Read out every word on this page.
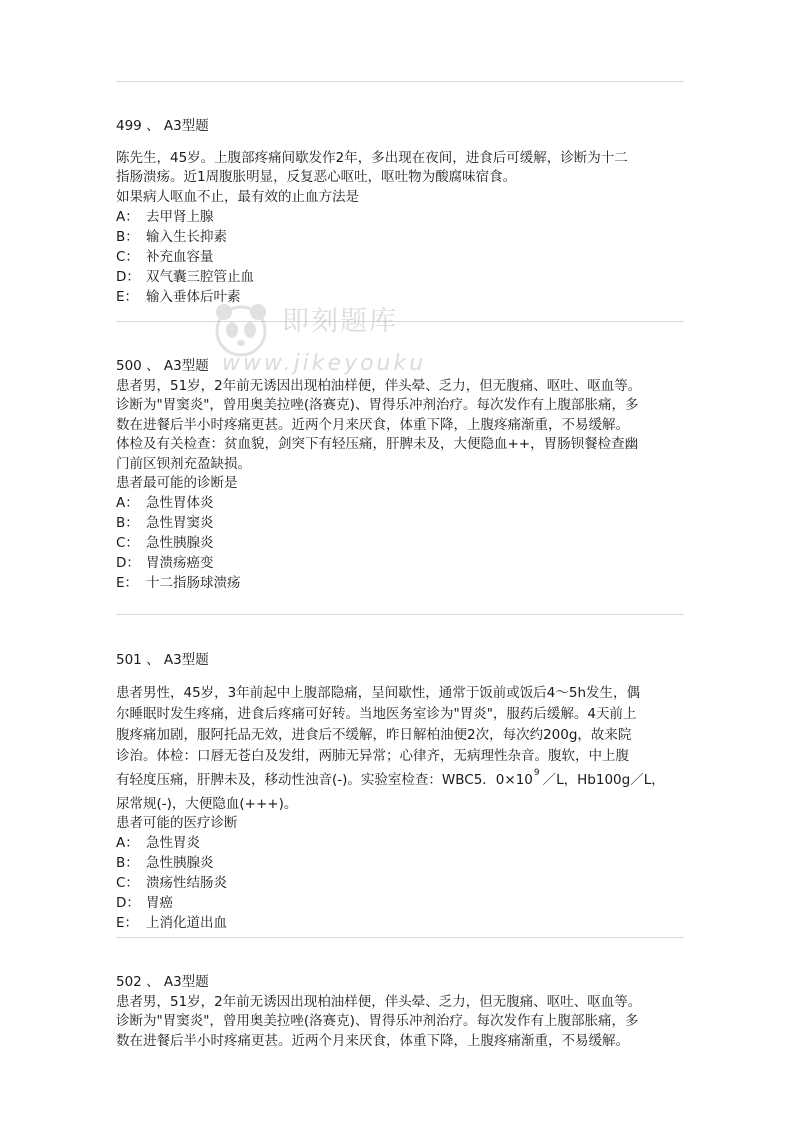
499 、 A3型题

陈先生，45岁。上腹部疼痛间歇发作2年，多出现在夜间，进食后可缓解，诊断为十二

指肠溃疡。近1周腹胀明显，反复恶心呕吐，呕吐物为酸腐味宿食。

如果病人呕血不止，最有效的止血方法是

A： 去甲肾上腺

B： 输入生长抑素

C： 补充血容量

D： 双气囊三腔管止血

E： 输入垂体后叶素

500 、 A3型题

患者男，51岁，2年前无诱因出现柏油样便，伴头晕、乏力，但无腹痛、呕吐、呕血等。

诊断为"胃窦炎"，曾用奥美拉唑(洛赛克)、胃得乐冲剂治疗。每次发作有上腹部胀痛，多

数在进餐后半小时疼痛更甚。近两个月来厌食，体重下降，上腹疼痛渐重，不易缓解。

体检及有关检查：贫血貌，剑突下有轻压痛，肝脾未及，大便隐血++，胃肠钡餐检查幽

门前区钡剂充盈缺损。

患者最可能的诊断是

A： 急性胃体炎

B： 急性胃窦炎

C： 急性胰腺炎

D： 胃溃疡癌变

E： 十二指肠球溃疡

501 、 A3型题

患者男性，45岁，3年前起中上腹部隐痛，呈间歇性，通常于饭前或饭后4～5h发生，偶

尔睡眠时发生疼痛，进食后疼痛可好转。当地医务室诊为"胃炎"，服药后缓解。4天前上

腹疼痛加剧，服阿托品无效，进食后不缓解，昨日解柏油便2次，每次约200g，故来院

诊治。体检：口唇无苍白及发绀，两肺无异常；心律齐，无病理性杂音。腹软，中上腹

有轻度压痛，肝脾未及，移动性浊音(-)。实验室检查：WBC5．$0\times 10^9$ ／L，Hb100g／L，

尿常规(-)，大便隐血(+++)。

患者可能的医疗诊断

A： 急性胃炎

B： 急性胰腺炎

C： 溃疡性结肠炎

D： 胃癌

E： 上消化道出血

502 、 A3型题

患者男，51岁，2年前无诱因出现柏油样便，伴头晕、乏力，但无腹痛、呕吐、呕血等。

诊断为"胃窦炎"，曾用奥美拉唑(洛赛克)、胃得乐冲剂治疗。每次发作有上腹部胀痛，多

数在进餐后半小时疼痛更甚。近两个月来厌食，体重下降，上腹疼痛渐重，不易缓解。

即刻题库
www.jikeyouku
